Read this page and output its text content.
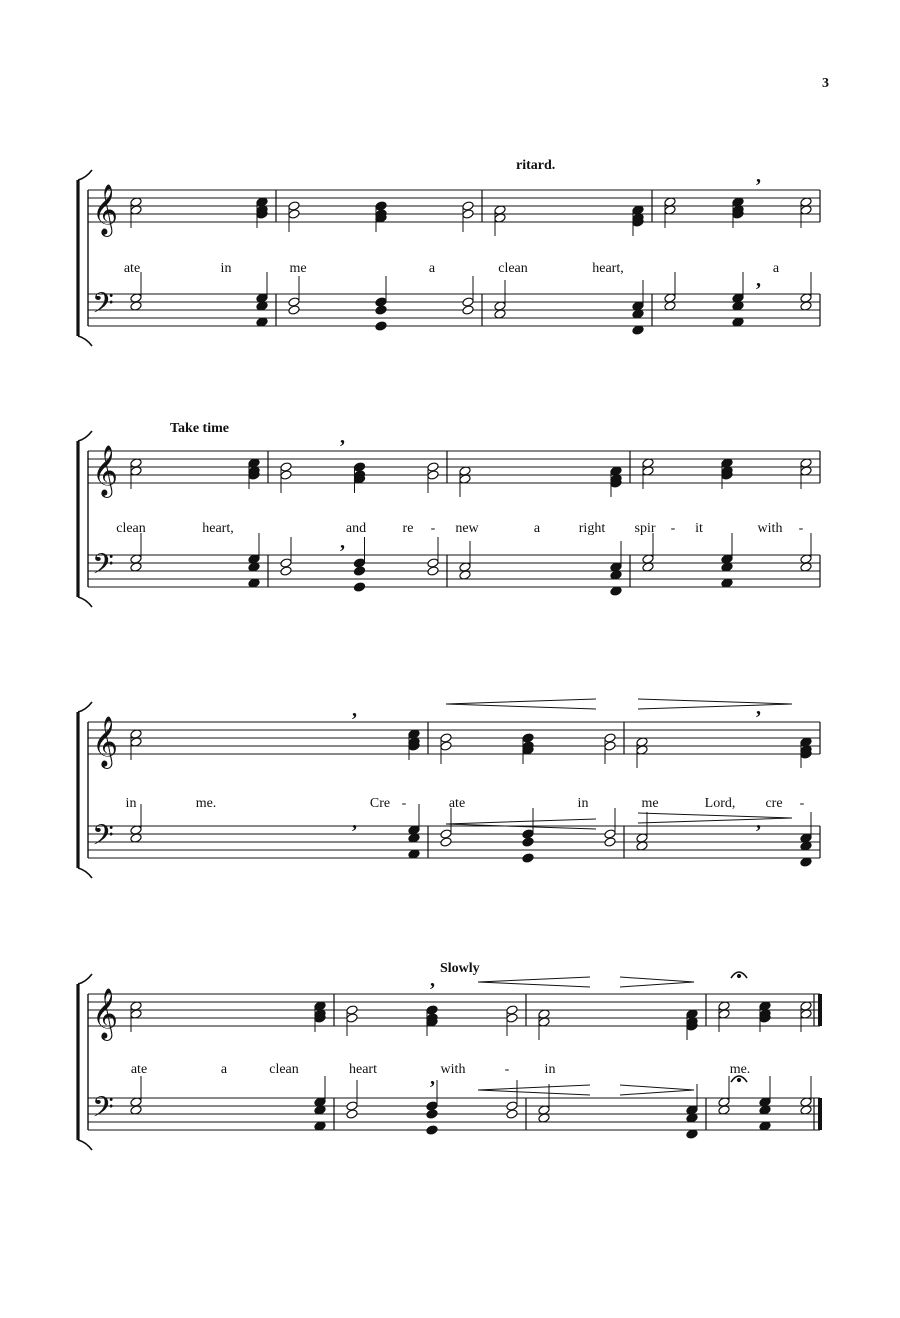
3
ritard.
Take time
Slowly
ate	in	me	a	clean	heart,	a
clean	heart,	and	re - new	a	right spir - it	with -
in	me.	Cre -	ate	in	me	Lord, cre -
ate	a	clean	heart	with	-	in	me.
𝄞
𝄢
,
,
𝄞
𝄢
,
,
𝄞
𝄢
,	,
,	,
𝄞
𝄢
,
,
